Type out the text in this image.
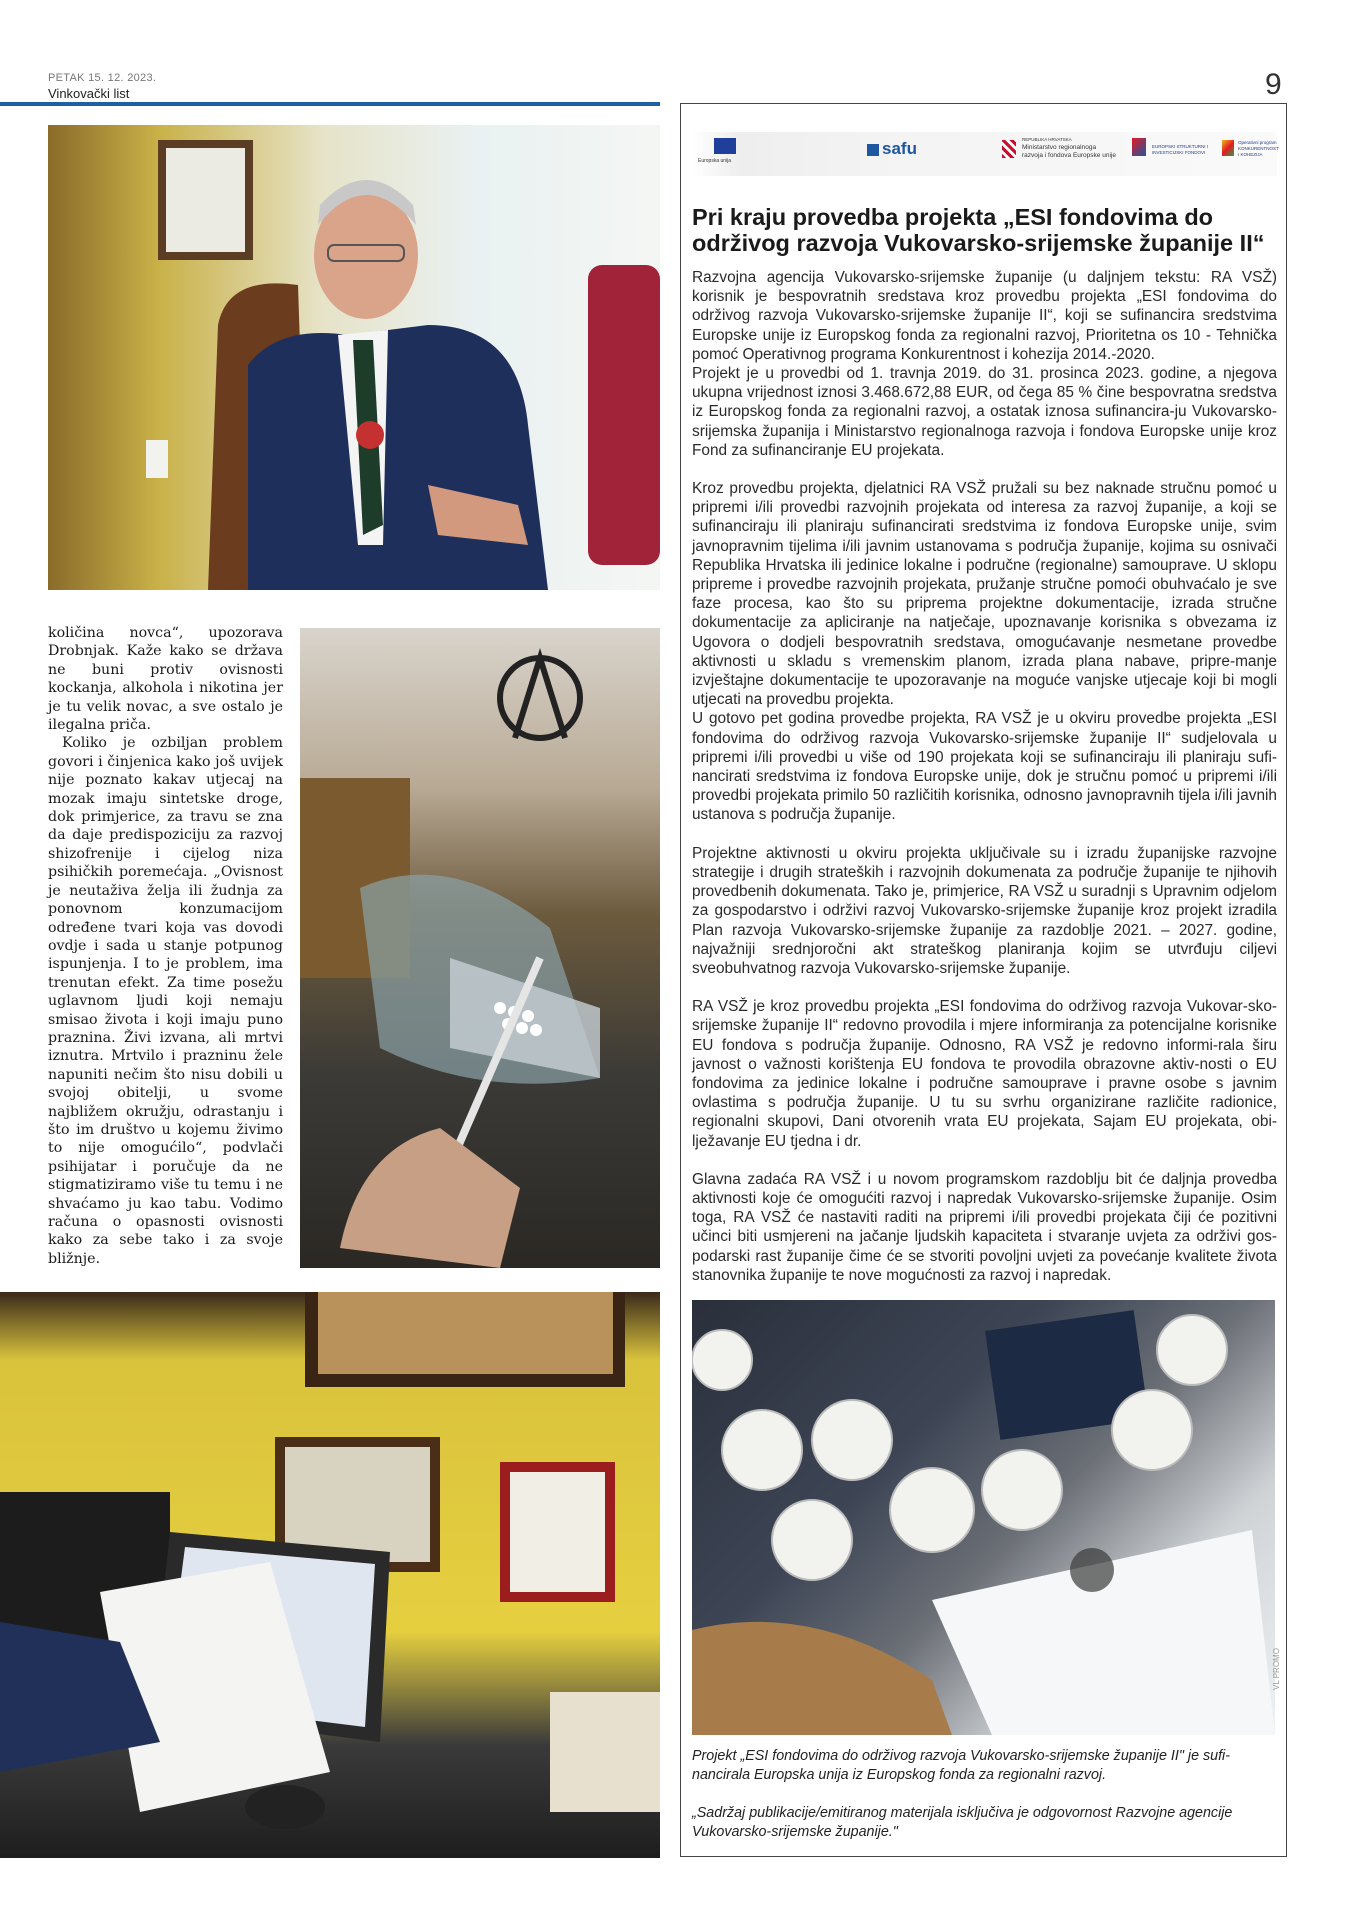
PETAK 15. 12. 2023.
Vinkovački list	9

količina novca“, upozorava Drobnjak. Kaže kako se država ne buni protiv ovisnosti kockanja, alkohola i nikotina jer je tu velik novac, a sve ostalo je ilegalna priča.

Koliko je ozbiljan problem govori i činjenica kako još uvijek nije poznato kakav utjecaj na mozak imaju sintetske droge, dok primjerice, za travu se zna da daje predispoziciju za razvoj shizofrenije i cijelog niza psihičkih poremećaja. „Ovisnost je neutaživa želja ili žudnja za ponovnom konzumacijom određene tvari koja vas dovodi ovdje i sada u stanje potpunog ispunjenja. I to je problem, ima trenutan efekt. Za time posežu uglavnom ljudi koji nemaju smisao života i koji imaju puno praznina. Živi izvana, ali mrtvi iznutra. Mrtvilo i prazninu žele napuniti nečim što nisu dobili u svojoj obitelji, u svome najbližem okružju, odrastanju i što im društvo u kojemu živimo to nije omogućilo“, podvlači psihijatar i poručuje da ne stigmatiziramo više tu temu i ne shvaćamo ju kao tabu. Vodimo računa o opasnosti ovisnosti kako za sebe tako i za svoje bližnje.

Europska unija
safu	REPUBLIKA HRVATSKA
Ministarstvo regionalnoga razvoja i fondova Europske unije
EUROPSKI STRUKTURNI I INVESTICIJSKI FONDOVI
Operativni program KONKURENTNOST I KOHEZIJA
Pri kraju provedba projekta „ESI fondovima do održivog razvoja Vukovarsko-srijemske županije II“

Razvojna agencija Vukovarsko-srijemske županije (u daljnjem tekstu: RA VSŽ) korisnik je bespovratnih sredstava kroz provedbu projekta „ESI fondovima do održivog razvoja Vukovarsko-srijemske županije II“, koji se sufinancira sredstvima Europske unije iz Europskog fonda za regionalni razvoj, Prioritetna os 10 - Tehnička pomoć Operativnog programa Konkurentnost i kohezija 2014.-2020.

Projekt je u provedbi od 1. travnja 2019. do 31. prosinca 2023. godine, a njegova ukupna vrijednost iznosi 3.468.672,88 EUR, od čega 85 % čine bespovratna sredstva iz Europskog fonda za regionalni razvoj, a ostatak iznosa sufinancira-ju Vukovarsko-srijemska županija i Ministarstvo regionalnoga razvoja i fondova Europske unije kroz Fond za sufinanciranje EU projekata.

Kroz provedbu projekta, djelatnici RA VSŽ pružali su bez naknade stručnu pomoć u pripremi i/ili provedbi razvojnih projekata od interesa za razvoj županije, a koji se sufinanciraju ili planiraju sufinancirati sredstvima iz fondova Europske unije, svim javnopravnim tijelima i/ili javnim ustanovama s područja županije, kojima su osnivači Republika Hrvatska ili jedinice lokalne i područne (regionalne) samouprave. U sklopu pripreme i provedbe razvojnih projekata, pružanje stručne pomoći obuhvaćalo je sve faze procesa, kao što su priprema projektne dokumentacije, izrada stručne dokumentacije za apliciranje na natječaje, upoznavanje korisnika s obvezama iz Ugovora o dodjeli bespovratnih sredstava, omogućavanje nesmetane provedbe aktivnosti u skladu s vremenskim planom, izrada plana nabave, pripre-manje izvještajne dokumentacije te upozoravanje na moguće vanjske utjecaje koji bi mogli utjecati na provedbu projekta.

U gotovo pet godina provedbe projekta, RA VSŽ je u okviru provedbe projekta „ESI fondovima do održivog razvoja Vukovarsko-srijemske županije II“ sudjelovala u pripremi i/ili provedbi u više od 190 projekata koji se sufinanciraju ili planiraju sufi-nancirati sredstvima iz fondova Europske unije, dok je stručnu pomoć u pripremi i/ili provedbi projekata primilo 50 različitih korisnika, odnosno javnopravnih tijela i/ili javnih ustanova s područja županije.

Projektne aktivnosti u okviru projekta uključivale su i izradu županijske razvojne strategije i drugih strateških i razvojnih dokumenata za područje županije te njihovih provedbenih dokumenata. Tako je, primjerice, RA VSŽ u suradnji s Upravnim odjelom za gospodarstvo i održivi razvoj Vukovarsko-srijemske županije kroz projekt izradila Plan razvoja Vukovarsko-srijemske županije za razdoblje 2021. – 2027. godine, najvažniji srednjoročni akt strateškog planiranja kojim se utvrđuju ciljevi sveobuhvatnog razvoja Vukovarsko-srijemske županije.

RA VSŽ je kroz provedbu projekta „ESI fondovima do održivog razvoja Vukovar-sko-srijemske županije II“ redovno provodila i mjere informiranja za potencijalne korisnike EU fondova s područja županije. Odnosno, RA VSŽ je redovno informi-rala širu javnost o važnosti korištenja EU fondova te provodila obrazovne aktiv-nosti o EU fondovima za jedinice lokalne i područne samouprave i pravne osobe s javnim ovlastima s područja županije. U tu su svrhu organizirane različite radionice, regionalni skupovi, Dani otvorenih vrata EU projekata, Sajam EU projekata, obi-lježavanje EU tjedna i dr.

Glavna zadaća RA VSŽ i u novom programskom razdoblju bit će daljnja provedba aktivnosti koje će omogućiti razvoj i napredak Vukovarsko-srijemske županije. Osim toga, RA VSŽ će nastaviti raditi na pripremi i/ili provedbi projekata čiji će pozitivni učinci biti usmjereni na jačanje ljudskih kapaciteta i stvaranje uvjeta za održivi gos-podarski rast županije čime će se stvoriti povoljni uvjeti za povećanje kvalitete života stanovnika županije te nove mogućnosti za razvoj i napredak.

VL PROMO

Projekt „ESI fondovima do održivog razvoja Vukovarsko-srijemske županije II" je sufi-nancirala Europska unija iz Europskog fonda za regionalni razvoj.

„Sadržaj publikacije/emitiranog materijala isključiva je odgovornost Razvojne agencije Vukovarsko-srijemske županije."
